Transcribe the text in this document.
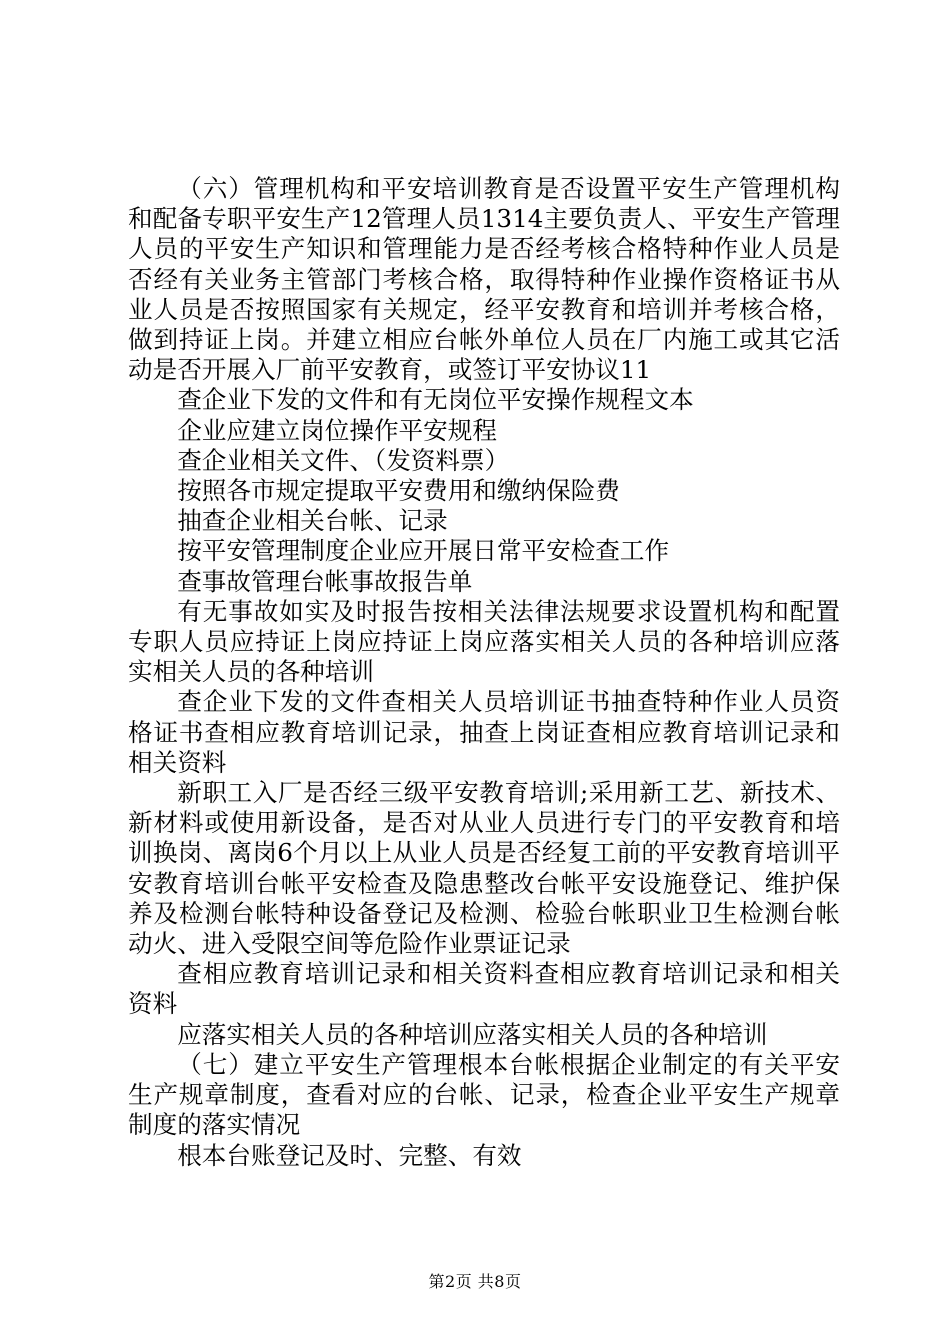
（六）管理机构和平安培训教育是否设置平安生产管理机构和配备专职平安生产12管理人员1314主要负责人、平安生产管理人员的平安生产知识和管理能力是否经考核合格特种作业人员是否经有关业务主管部门考核合格，取得特种作业操作资格证书从业人员是否按照国家有关规定，经平安教育和培训并考核合格，做到持证上岗。并建立相应台帐外单位人员在厂内施工或其它活动是否开展入厂前平安教育，或签订平安协议11

查企业下发的文件和有无岗位平安操作规程文本

企业应建立岗位操作平安规程

查企业相关文件、（发资料票）

按照各市规定提取平安费用和缴纳保险费

抽查企业相关台帐、记录

按平安管理制度企业应开展日常平安检查工作

查事故管理台帐事故报告单

有无事故如实及时报告按相关法律法规要求设置机构和配置专职人员应持证上岗应持证上岗应落实相关人员的各种培训应落实相关人员的各种培训

查企业下发的文件查相关人员培训证书抽查特种作业人员资格证书查相应教育培训记录，抽查上岗证查相应教育培训记录和相关资料

新职工入厂是否经三级平安教育培训;采用新工艺、新技术、新材料或使用新设备，是否对从业人员进行专门的平安教育和培训换岗、离岗6个月以上从业人员是否经复工前的平安教育培训平安教育培训台帐平安检查及隐患整改台帐平安设施登记、维护保养及检测台帐特种设备登记及检测、检验台帐职业卫生检测台帐动火、进入受限空间等危险作业票证记录

查相应教育培训记录和相关资料查相应教育培训记录和相关资料

应落实相关人员的各种培训应落实相关人员的各种培训

（七）建立平安生产管理根本台帐根据企业制定的有关平安生产规章制度，查看对应的台帐、记录，检查企业平安生产规章制度的落实情况

根本台账登记及时、完整、有效

第2页 共8页
